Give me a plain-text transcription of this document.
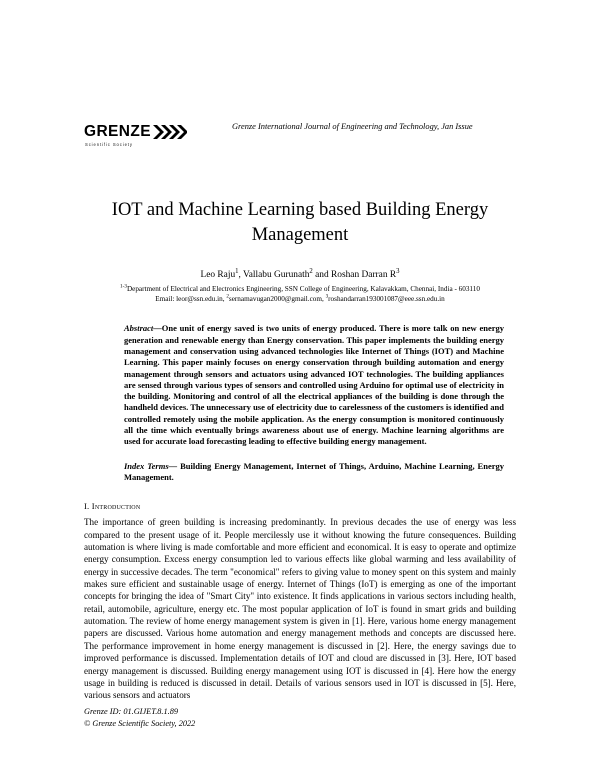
GRENZE
Scientific Society
Grenze International Journal of Engineering and Technology, Jan Issue
IOT and Machine Learning based Building Energy Management
Leo Raju$^1$, Vallabu Gurunath$^2$ and Roshan Darran $R^3$
$^{1-3}$Department of Electrical and Electronics Engineering, SSN College of Engineering, Kalavakkam, Chennai, India - 603110
Email: leor@ssn.edu.in, $^2$sernamavugan2000@gmail.com, $^3$roshandarran193001087@eee.ssn.edu.in
Abstract—One unit of energy saved is two units of energy produced. There is more talk on new energy generation and renewable energy than Energy conservation. This paper implements the building energy management and conservation using advanced technologies like Internet of Things (IOT) and Machine Learning. This paper mainly focuses on energy conservation through building automation and energy management through sensors and actuators using advanced IOT technologies. The building appliances are sensed through various types of sensors and controlled using Arduino for optimal use of electricity in the building. Monitoring and control of all the electrical appliances of the building is done through the handheld devices. The unnecessary use of electricity due to carelessness of the customers is identified and controlled remotely using the mobile application. As the energy consumption is monitored continuously all the time which eventually brings awareness about use of energy. Machine learning algorithms are used for accurate load forecasting leading to effective building energy management.
Index Terms— Building Energy Management, Internet of Things, Arduino, Machine Learning, Energy Management.
I. Introduction
The importance of green building is increasing predominantly. In previous decades the use of energy was less compared to the present usage of it. People mercilessly use it without knowing the future consequences. Building automation is where living is made comfortable and more efficient and economical. It is easy to operate and optimize energy consumption. Excess energy consumption led to various effects like global warming and less availability of energy in successive decades. The term "economical" refers to giving value to money spent on this system and mainly makes sure efficient and sustainable usage of energy. Internet of Things (IoT) is emerging as one of the important concepts for bringing the idea of "Smart City" into existence. It finds applications in various sectors including health, retail, automobile, agriculture, energy etc. The most popular application of IoT is found in smart grids and building automation. The review of home energy management system is given in [1]. Here, various home energy management papers are discussed. Various home automation and energy management methods and concepts are discussed here. The performance improvement in home energy management is discussed in [2]. Here, the energy savings due to improved performance is discussed. Implementation details of IOT and cloud are discussed in [3]. Here, IOT based energy management is discussed. Building energy management using IOT is discussed in [4]. Here how the energy usage in building is reduced is discussed in detail. Details of various sensors used in IOT is discussed in [5]. Here, various sensors and actuators
Grenze ID: 01.GIJET.8.1.89
© Grenze Scientific Society, 2022
